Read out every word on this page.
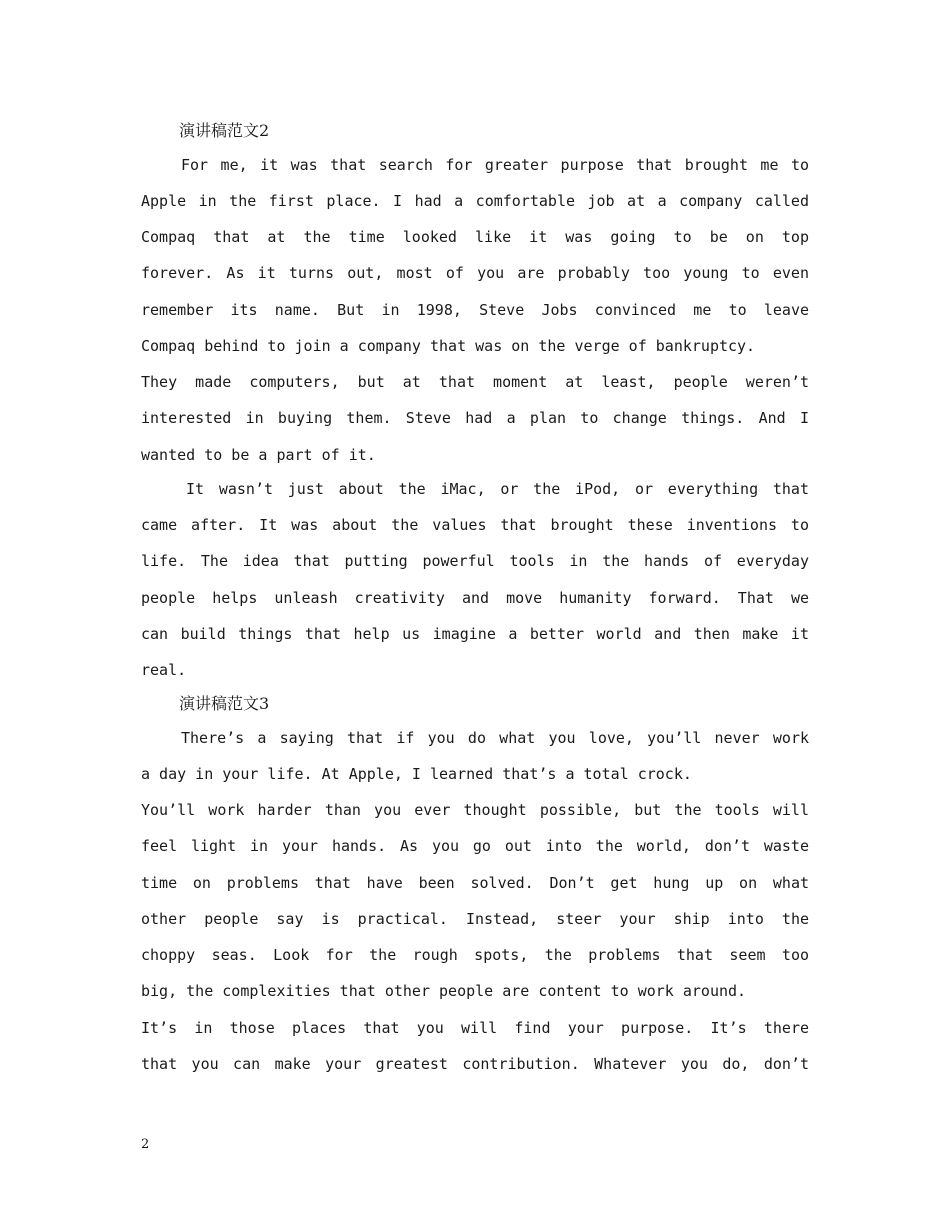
演讲稿范文2
For me, it was that search for greater purpose that brought me to
Apple in the first place. I had a comfortable job at a company called
Compaq that at the time looked like it was going to be on top
forever. As it turns out, most of you are probably too young to even
remember its name. But in 1998, Steve Jobs convinced me to leave
Compaq behind to join a company that was on the verge of bankruptcy.
They made computers, but at that moment at least, people weren’t
interested in buying them. Steve had a plan to change things. And I
wanted to be a part of it.
It wasn’t just about the iMac, or the iPod, or everything that
came after. It was about the values that brought these inventions to
life. The idea that putting powerful tools in the hands of everyday
people helps unleash creativity and move humanity forward. That we
can build things that help us imagine a better world and then make it
real.
演讲稿范文3
There’s a saying that if you do what you love, you’ll never work
a day in your life. At Apple, I learned that’s a total crock.
You’ll work harder than you ever thought possible, but the tools will
feel light in your hands. As you go out into the world, don’t waste
time on problems that have been solved. Don’t get hung up on what
other people say is practical. Instead, steer your ship into the
choppy seas. Look for the rough spots, the problems that seem too
big, the complexities that other people are content to work around.
It’s in those places that you will find your purpose. It’s there
that you can make your greatest contribution. Whatever you do, don’t
2
